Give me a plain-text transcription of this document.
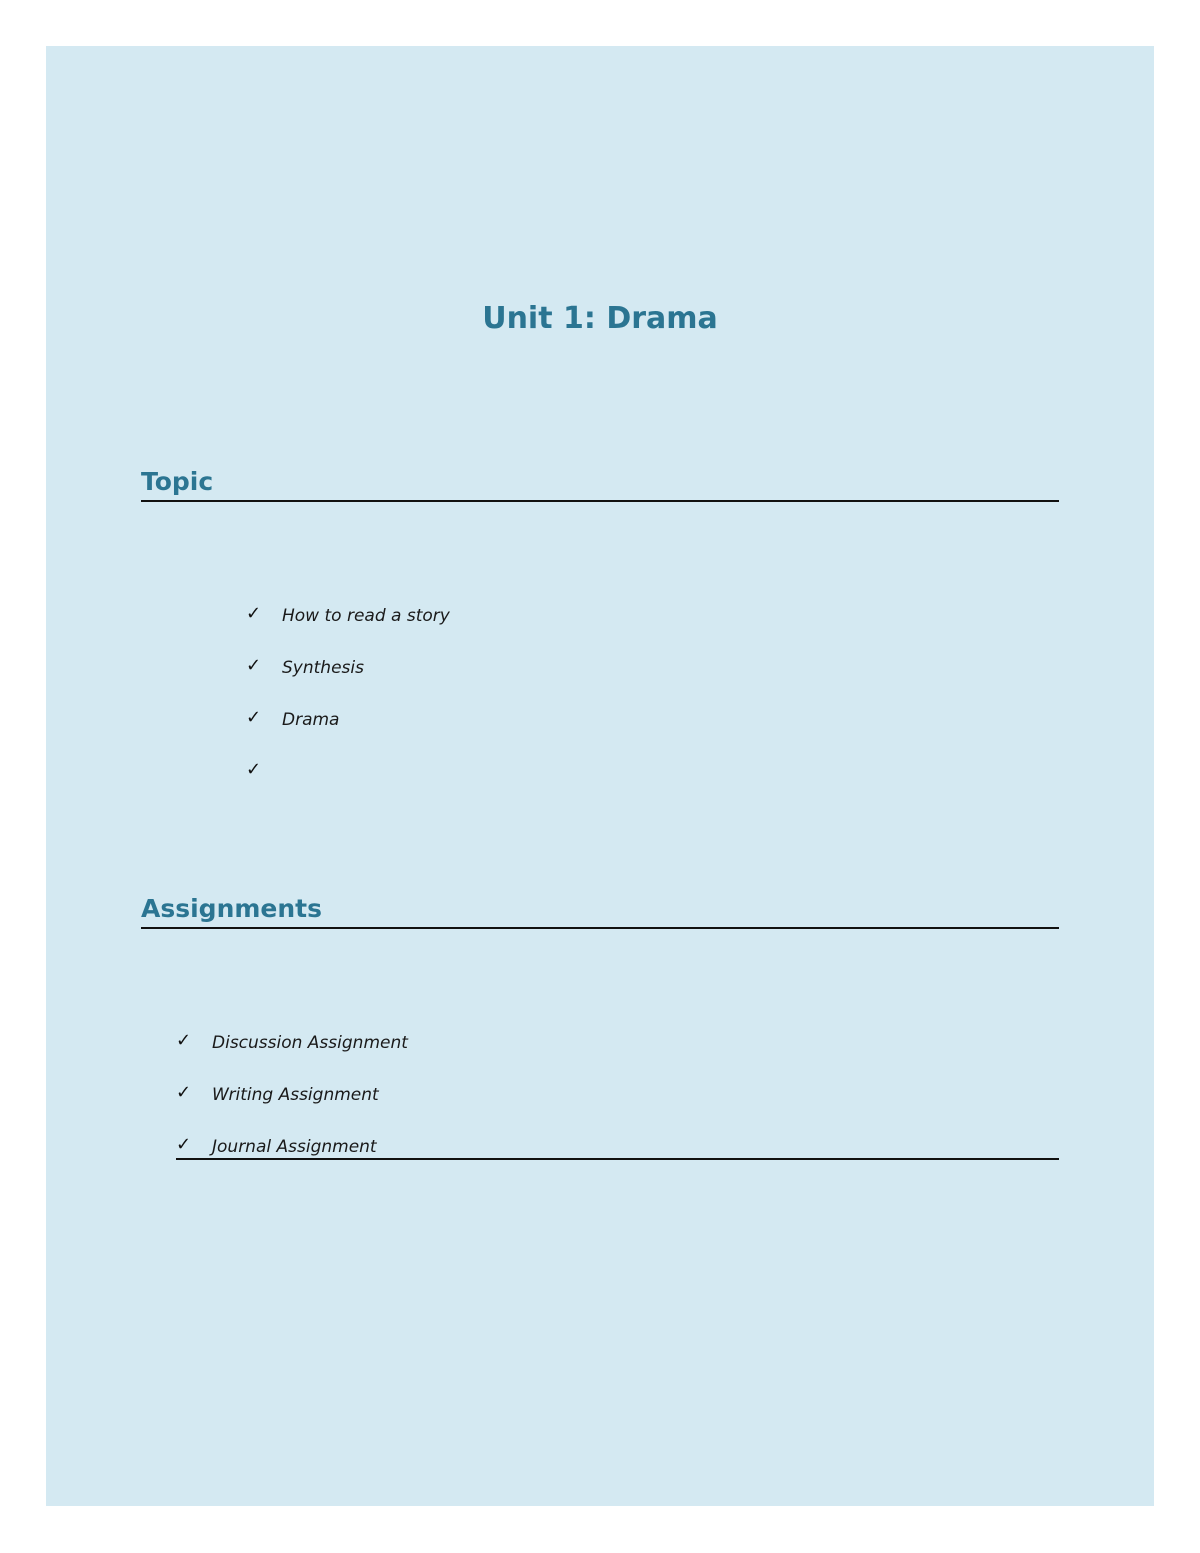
Unit 1: Drama
Topic
✓ How to read a story
✓ Synthesis
✓ Drama
✓
Assignments
✓ Discussion Assignment
✓ Writing Assignment
✓ Journal Assignment
